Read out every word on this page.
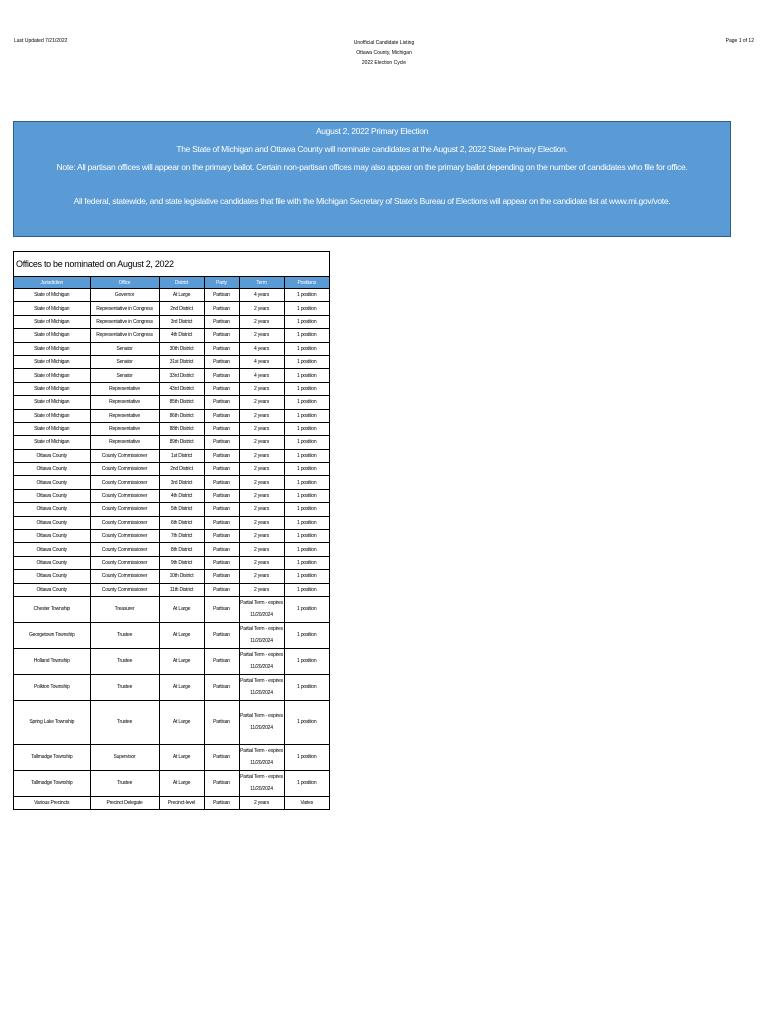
Last Updated 7/21/2022	Unofficial Candidate Listing
Ottawa County, Michigan
2022 Election Cycle
Page 1 of 12
August 2, 2022 Primary Election
The State of Michigan and Ottawa County will nominate candidates at the August 2, 2022 State Primary Election.
Note: All partisan offices will appear on the primary ballot. Certain non-partisan offices may also appear on the primary ballot depending on the number of candidates who file for office.
All federal, statewide, and state legislative candidates that file with the Michigan Secretary of State's Bureau of Elections will appear on the candidate list at www.mi.gov/vote.
Offices to be nominated on August 2, 2022
Jurisdiction	Office	District	Party	Term	Positions
State of Michigan	Governor	At Large	Partisan	4 years	1 position
State of Michigan	Representative in Congress	2nd District	Partisan	2 years	1 position
State of Michigan	Representative in Congress	3rd District	Partisan	2 years	1 position
State of Michigan	Representative in Congress	4th District	Partisan	2 years	1 position
State of Michigan	Senator	30th District	Partisan	4 years	1 position
State of Michigan	Senator	31st District	Partisan	4 years	1 position
State of Michigan	Senator	33rd District	Partisan	4 years	1 position
State of Michigan	Representative	43rd District	Partisan	2 years	1 position
State of Michigan	Representative	85th District	Partisan	2 years	1 position
State of Michigan	Representative	86th District	Partisan	2 years	1 position
State of Michigan	Representative	88th District	Partisan	2 years	1 position
State of Michigan	Representative	89th District	Partisan	2 years	1 position
Ottawa County	County Commissioner	1st District	Partisan	2 years	1 position
Ottawa County	County Commissioner	2nd District	Partisan	2 years	1 position
Ottawa County	County Commissioner	3rd District	Partisan	2 years	1 position
Ottawa County	County Commissioner	4th District	Partisan	2 years	1 position
Ottawa County	County Commissioner	5th District	Partisan	2 years	1 position
Ottawa County	County Commissioner	6th District	Partisan	2 years	1 position
Ottawa County	County Commissioner	7th District	Partisan	2 years	1 position
Ottawa County	County Commissioner	8th District	Partisan	2 years	1 position
Ottawa County	County Commissioner	9th District	Partisan	2 years	1 position
Ottawa County	County Commissioner	10th District	Partisan	2 years	1 position
Ottawa County	County Commissioner	11th District	Partisan	2 years	1 position
Chester Township	Treasurer	At Large	Partisan	Partial Term - expires 11/20/2024	1 position
Georgetown Township	Trustee	At Large	Partisan	Partial Term - expires 11/20/2024	1 position
Holland Township	Trustee	At Large	Partisan	Partial Term - expires 11/20/2024	1 position
Polkton Township	Trustee	At Large	Partisan	Partial Term - expires 11/20/2024	1 position
Spring Lake Township	Trustee	At Large	Partisan	Partial Term - expires 11/20/2024	1 position
Tallmadge Township	Supervisor	At Large	Partisan	Partial Term - expires 11/20/2024	1 position
Tallmadge Township	Trustee	At Large	Partisan	Partial Term - expires 11/20/2024	1 position
Various Precincts	Precinct Delegate	Precinct-level	Partisan	2 years	Varies
